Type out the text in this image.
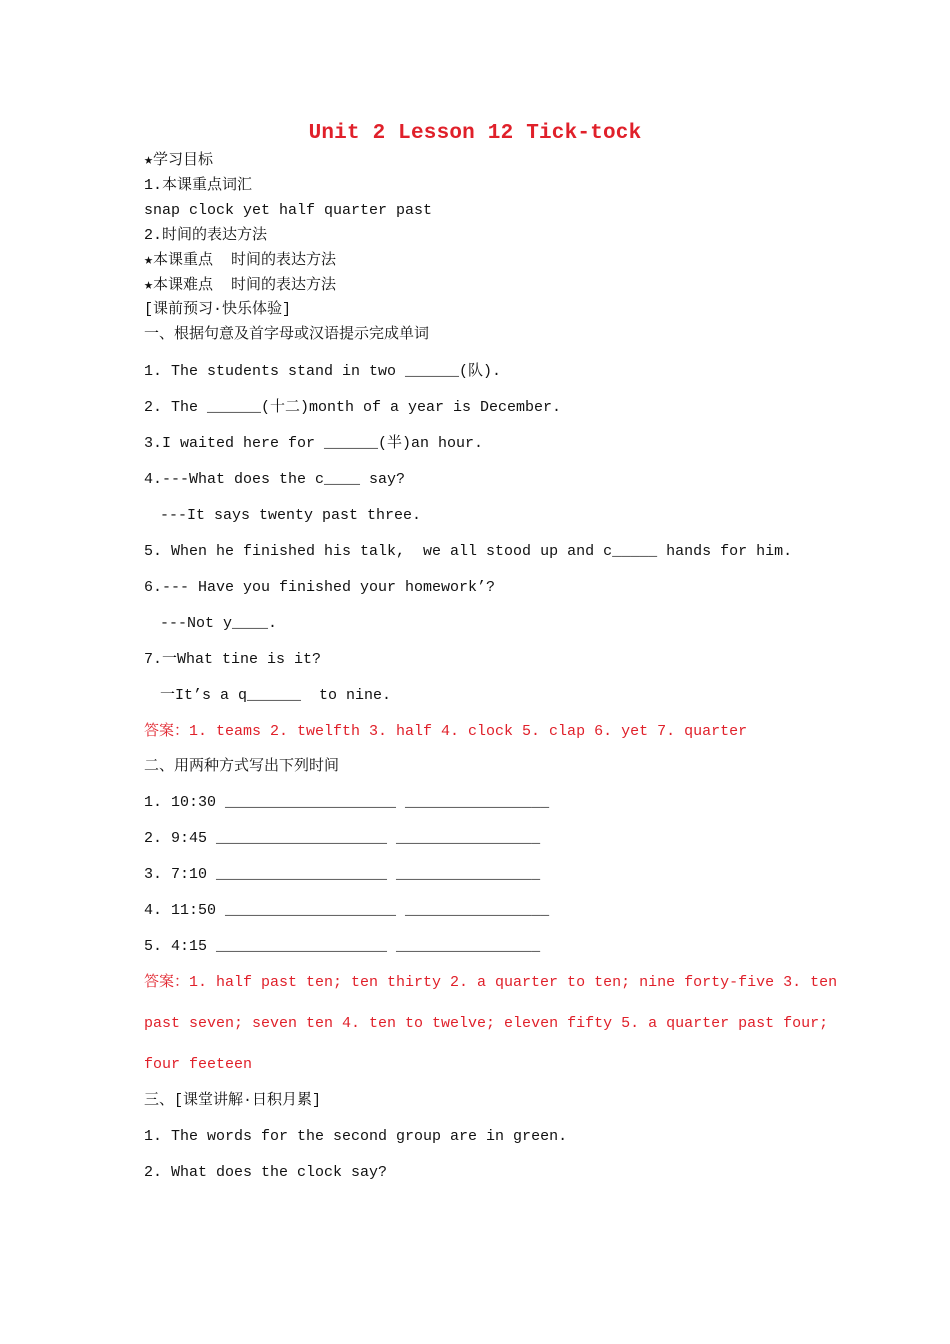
Unit 2 Lesson 12 Tick-tock
★学习目标
1.本课重点词汇
snap clock yet half quarter past
2.时间的表达方法
★本课重点  时间的表达方法
★本课难点  时间的表达方法
[课前预习·快乐体验]
一、根据句意及首字母或汉语提示完成单词
1. The students stand in two ______(队).
2. The ______(十二)month of a year is December.
3.I waited here for ______(半)an hour.
4.---What does the c____ say?
---It says twenty past three.
5. When he finished his talk,  we all stood up and c_____ hands for him.
6.--- Have you finished your homework’?
---Not y____.
7.一What tine is it?
一It’s a q______  to nine.
答案：1. teams 2. twelfth 3. half 4. clock 5. clap 6. yet 7. quarter
二、用两种方式写出下列时间
1. 10:30 ___________________ ________________
2. 9:45 ___________________ ________________
3. 7:10 ___________________ ________________
4. 11:50 ___________________ ________________
5. 4:15 ___________________ ________________
答案：1. half past ten; ten thirty 2. a quarter to ten; nine forty-five 3. ten
past seven; seven ten 4. ten to twelve; eleven fifty 5. a quarter past four;
four feeteen
三、[课堂讲解·日积月累]
1. The words for the second group are in green.
2. What does the clock say?
